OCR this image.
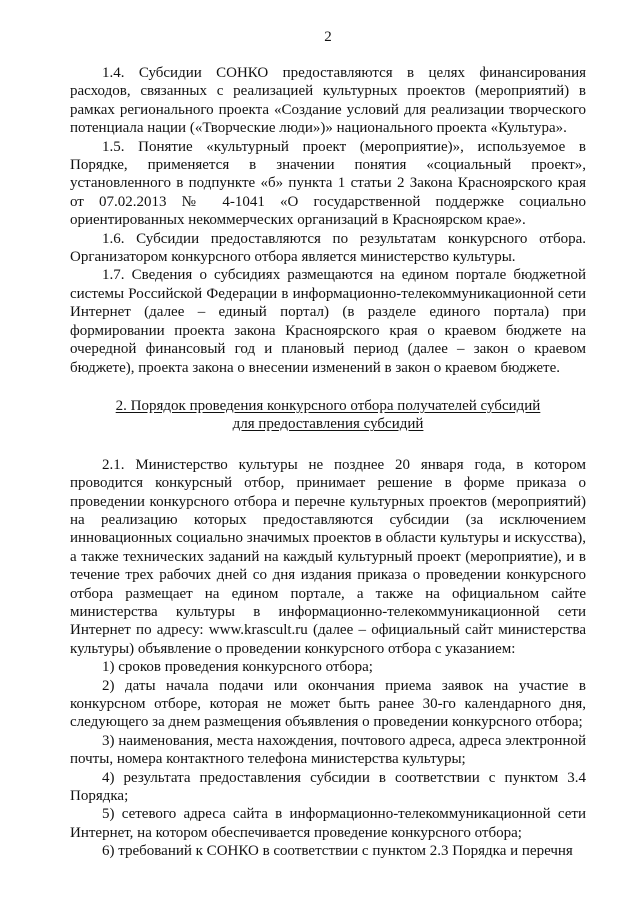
2

1.4. Субсидии СОНКО предоставляются в целях финансирования расходов, связанных с реализацией культурных проектов (мероприятий) в рамках регионального проекта «Создание условий для реализации творческого потенциала нации («Творческие люди»)» национального проекта «Культура».

1.5. Понятие «культурный проект (мероприятие)», используемое в Порядке, применяется в значении понятия «социальный проект», установленного в подпункте «б» пункта 1 статьи 2 Закона Красноярского края от 07.02.2013 № 4-1041 «О государственной поддержке социально ориентированных некоммерческих организаций в Красноярском крае».

1.6. Субсидии предоставляются по результатам конкурсного отбора. Организатором конкурсного отбора является министерство культуры.

1.7. Сведения о субсидиях размещаются на едином портале бюджетной системы Российской Федерации в информационно-телекоммуникационной сети Интернет (далее – единый портал) (в разделе единого портала) при формировании проекта закона Красноярского края о краевом бюджете на очередной финансовый год и плановый период (далее – закон о краевом бюджете), проекта закона о внесении изменений в закон о краевом бюджете.

2. Порядок проведения конкурсного отбора получателей субсидий
для предоставления субсидий

2.1. Министерство культуры не позднее 20 января года, в котором проводится конкурсный отбор, принимает решение в форме приказа о проведении конкурсного отбора и перечне культурных проектов (мероприятий) на реализацию которых предоставляются субсидии (за исключением инновационных социально значимых проектов в области культуры и искусства), а также технических заданий на каждый культурный проект (мероприятие), и в течение трех рабочих дней со дня издания приказа о проведении конкурсного отбора размещает на едином портале, а также на официальном сайте министерства культуры в информационно-телекоммуникационной сети Интернет по адресу: www.krascult.ru (далее – официальный сайт министерства культуры) объявление о проведении конкурсного отбора с указанием:

1) сроков проведения конкурсного отбора;

2) даты начала подачи или окончания приема заявок на участие в конкурсном отборе, которая не может быть ранее 30-го календарного дня, следующего за днем размещения объявления о проведении конкурсного отбора;

3) наименования, места нахождения, почтового адреса, адреса электронной почты, номера контактного телефона министерства культуры;

4) результата предоставления субсидии в соответствии с пунктом 3.4 Порядка;

5) сетевого адреса сайта в информационно-телекоммуникационной сети Интернет, на котором обеспечивается проведение конкурсного отбора;

6) требований к СОНКО в соответствии с пунктом 2.3 Порядка и перечня
